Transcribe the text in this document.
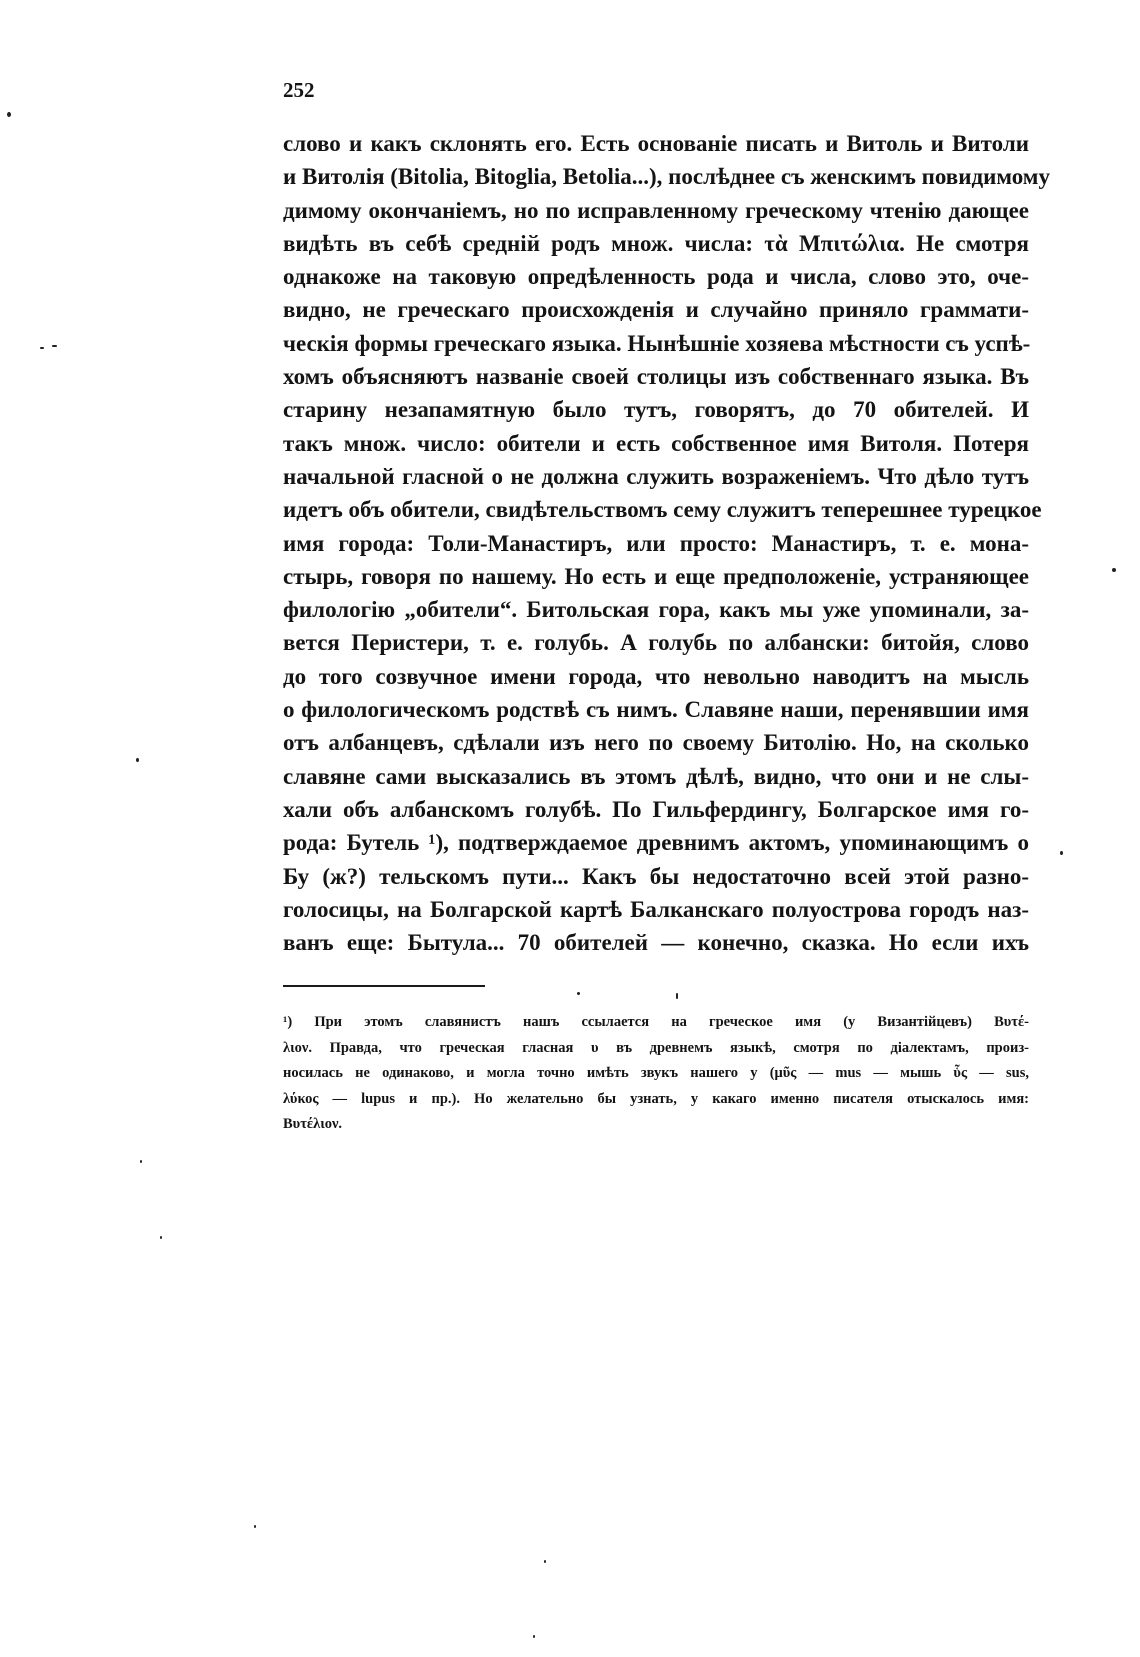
252
слово и какъ склонять его. Есть основаніе писать и Витоль и Витоли
и Витолія (Bitolia, Bitoglia, Betolia...), послѣднее съ женскимъ повидимому
димому окончаніемъ, но по исправленному греческому чтенію дающее
видѣть въ себѣ средній родъ множ. числа: τὰ Μπιτώλια. Не смотря
однакоже на таковую опредѣленность рода и числа, слово это, оче-
видно, не греческаго происхожденія и случайно приняло граммати-
ческія формы греческаго языка. Нынѣшніе хозяева мѣстности съ успѣ-
хомъ объясняютъ названіе своей столицы изъ собственнаго языка. Въ
старину незапамятную было тутъ, говорятъ, до 70 обителей. И
такъ множ. число: обители и есть собственное имя Витоля. Потеря
начальной гласной о не должна служить возраженіемъ. Что дѣло тутъ
идетъ объ обители, свидѣтельствомъ сему служитъ теперешнее турецкое
имя города: Толи-Манастиръ, или просто: Манастиръ, т. е. мона-
стырь, говоря по нашему. Но есть и еще предположеніе, устраняющее
филологію „обители“. Битольская гора, какъ мы уже упоминали, за-
вется Перистери, т. е. голубь. А голубь по албански: битойя, слово
до того созвучное имени города, что невольно наводитъ на мысль
о филологическомъ родствѣ съ нимъ. Славяне наши, перенявшии имя
отъ албанцевъ, сдѣлали изъ него по своему Битолію. Но, на сколько
славяне сами высказались въ этомъ дѣлѣ, видно, что они и не слы-
хали объ албанскомъ голубѣ. По Гильфердингу, Болгарское имя го-
рода: Бутель ¹), подтверждаемое древнимъ актомъ, упоминающимъ о
Бу (ж?) тельскомъ пути... Какъ бы недостаточно всей этой разно-
голосицы, на Болгарской картѣ Балканскаго полуострова городъ наз-
ванъ еще: Бытула... 70 обителей — конечно, сказка. Но если ихъ
¹) При этомъ славянистъ нашъ ссылается на греческое имя (у Византійцевъ) Βυτέ-
λιον. Правда, что греческая гласная υ въ древнемъ языкѣ, смотря по діалектамъ, произ-
носилась не одинаково, и могла точно имѣть звукъ нашего у (μῦς — mus — мышь ὗς — sus,
λύκος — lupus и пр.). Но желательно бы узнать, у какаго именно писателя отыскалось имя:
Βυτέλιον.
